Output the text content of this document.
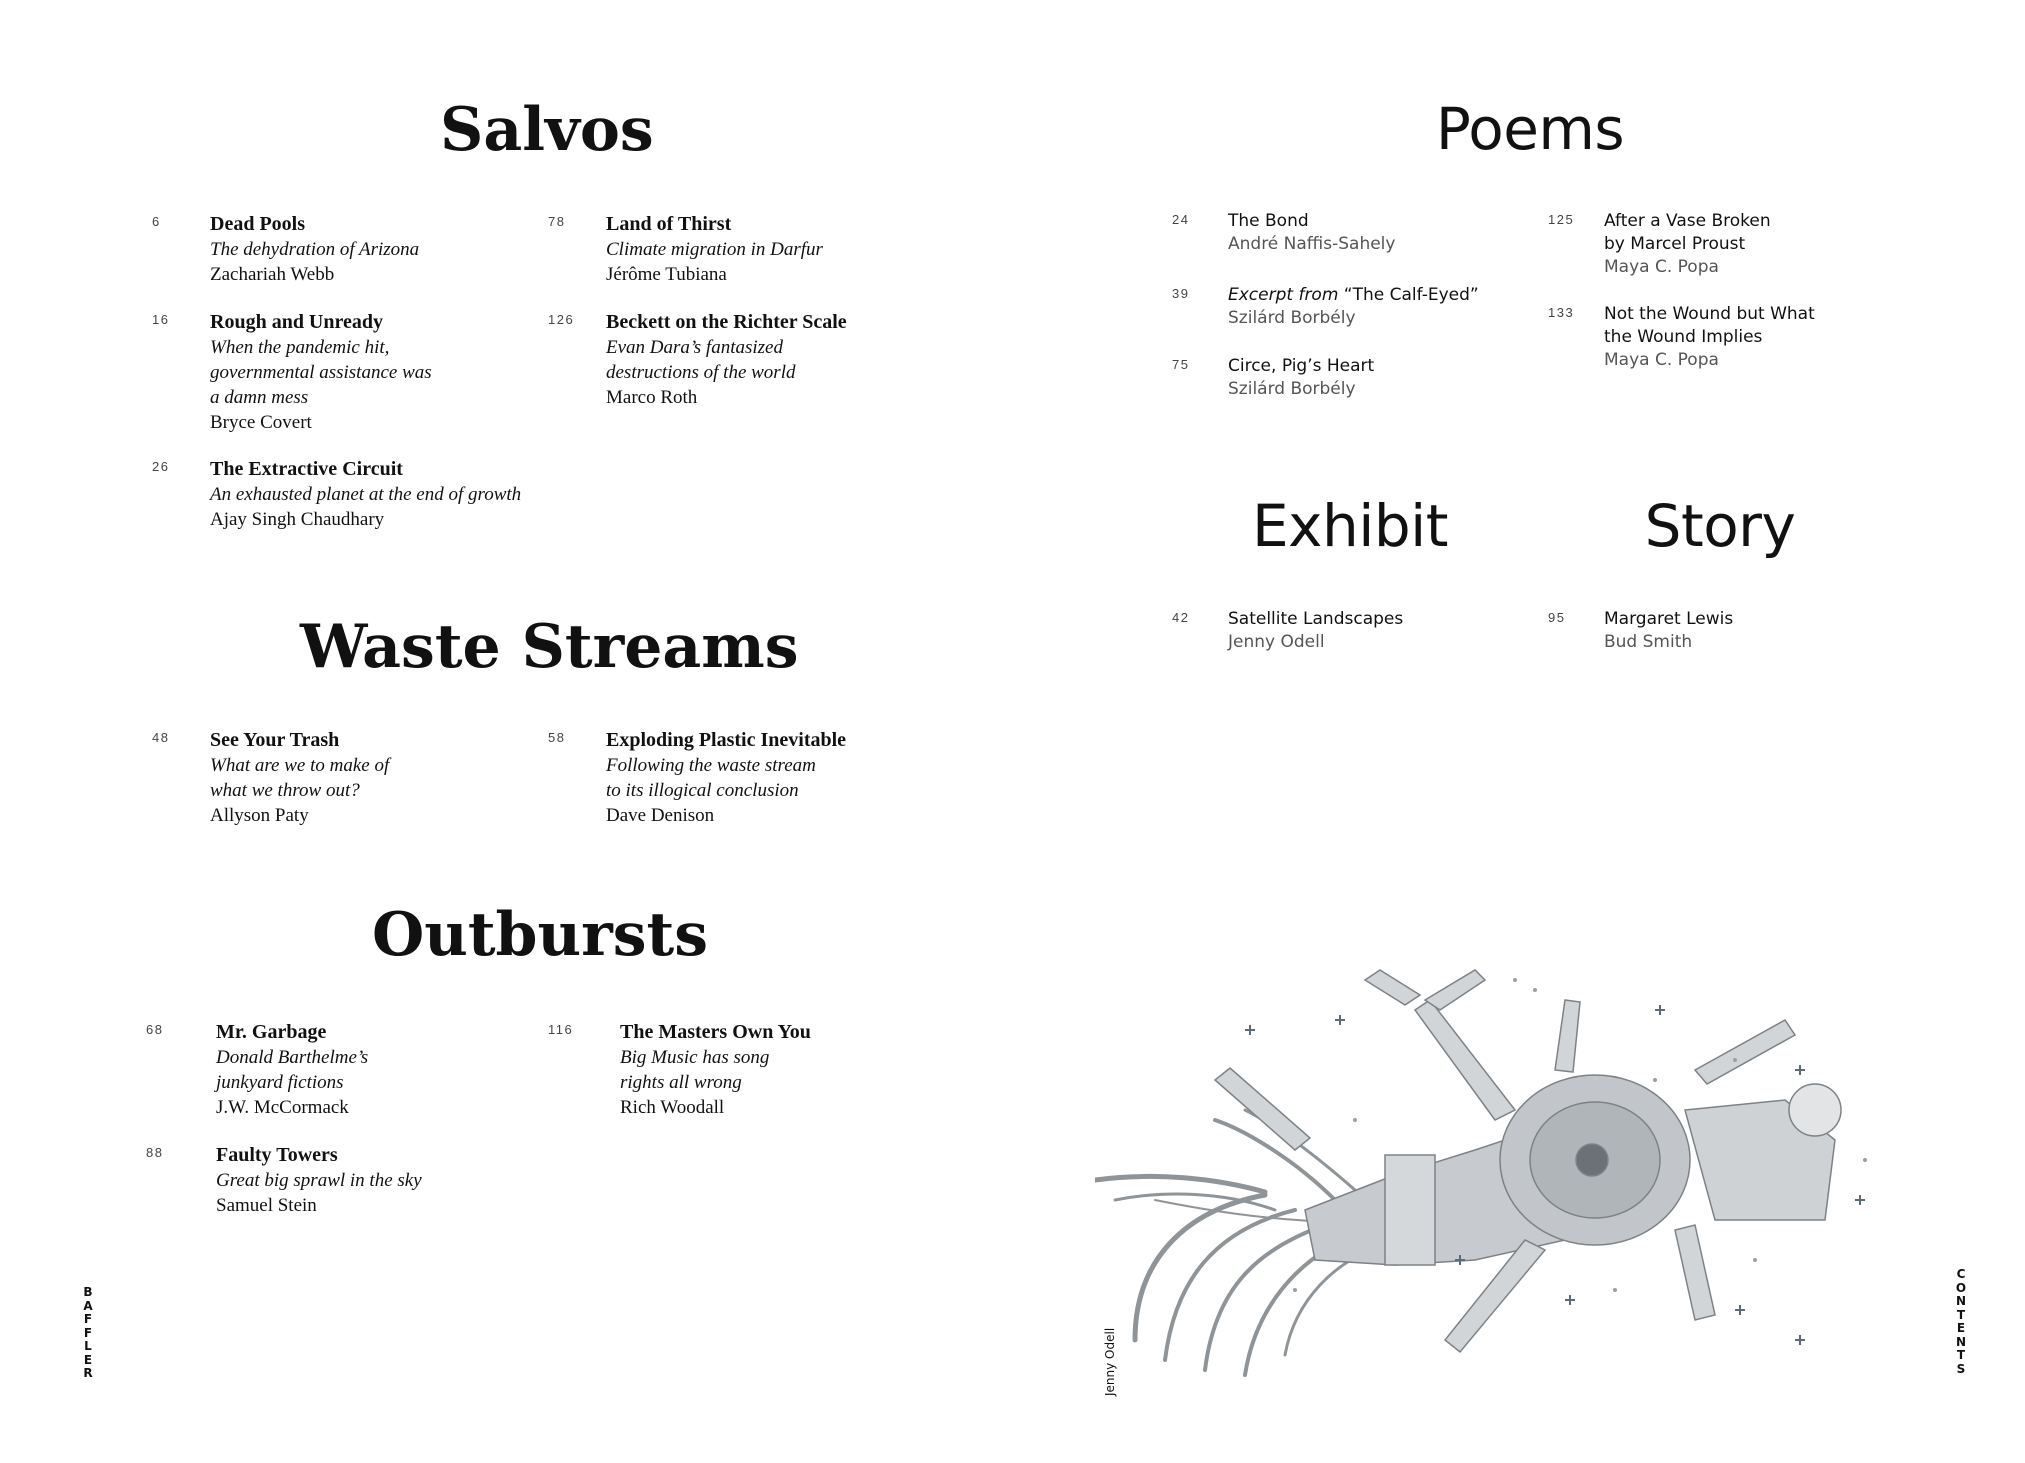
Salvos
6 Dead Pools
The dehydration of Arizona
Zachariah Webb
16 Rough and Unready
When the pandemic hit,
governmental assistance was
a damn mess
Bryce Covert
26 The Extractive Circuit
An exhausted planet at the end of growth
Ajay Singh Chaudhary
78 Land of Thirst
Climate migration in Darfur
Jérôme Tubiana
126 Beckett on the Richter Scale
Evan Dara’s fantasized
destructions of the world
Marco Roth
Waste Streams
48 See Your Trash
What are we to make of
what we throw out?
Allyson Paty
58 Exploding Plastic Inevitable
Following the waste stream
to its illogical conclusion
Dave Denison
Outbursts
68	Mr. Garbage
Donald Barthelme’s
junkyard fictions
J.W. McCormack
88	Faulty Towers
Great big sprawl in the sky
Samuel Stein
116 The Masters Own You
Big Music has song
rights all wrong
Rich Woodall
B
A
F
F
L
E
R
Poems
24 The Bond
André Naffis-Sahely
39 Excerpt from “The Calf-Eyed”
Szilárd Borbély
75 Circe, Pig’s Heart
Szilárd Borbély
125 After a Vase Broken
by Marcel Proust
Maya C. Popa
133 Not the Wound but What
the Wound Implies
Maya C. Popa
Exhibit
42 Satellite Landscapes
Jenny Odell
Story
95 Margaret Lewis
Bud Smith
Jenny Odell
C
O
N
T
E
N
T
S
